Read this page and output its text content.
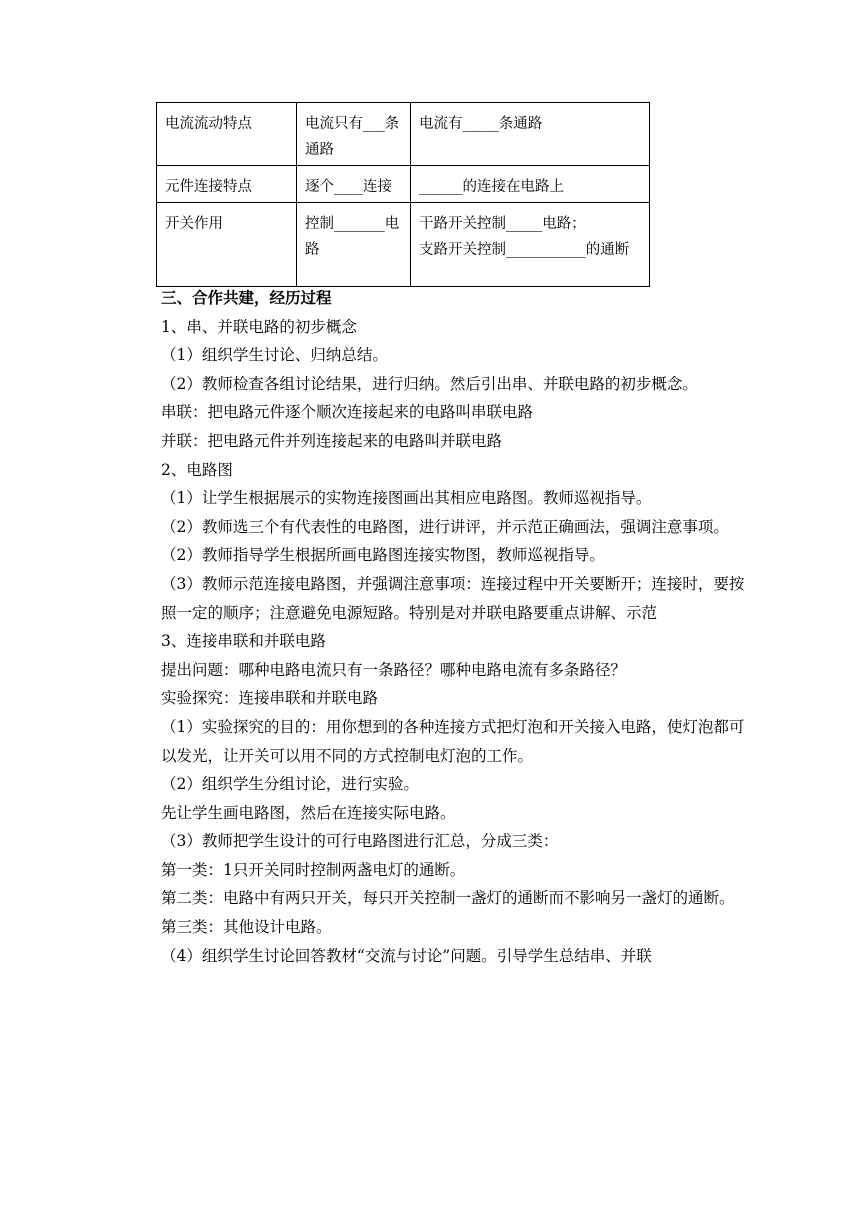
电流流动特点	电流只有___条通路	电流有_____条通路
元件连接特点	逐个____连接	______的连接在电路上
开关作用	控制_______电路	干路开关控制_____电路；
支路开关控制___________的通断

三、合作共建，经历过程

1、串、并联电路的初步概念

（1）组织学生讨论、归纳总结。

（2）教师检查各组讨论结果，进行归纳。然后引出串、并联电路的初步概念。

串联：把电路元件逐个顺次连接起来的电路叫串联电路

并联：把电路元件并列连接起来的电路叫并联电路

2、电路图

（1）让学生根据展示的实物连接图画出其相应电路图。教师巡视指导。

（2）教师选三个有代表性的电路图，进行讲评，并示范正确画法，强调注意事项。

（2）教师指导学生根据所画电路图连接实物图，教师巡视指导。

（3）教师示范连接电路图，并强调注意事项：连接过程中开关要断开；连接时，要按照一定的顺序；注意避免电源短路。特别是对并联电路要重点讲解、示范

3、连接串联和并联电路

提出问题：哪种电路电流只有一条路径？哪种电路电流有多条路径？

实验探究：连接串联和并联电路

（1）实验探究的目的：用你想到的各种连接方式把灯泡和开关接入电路，使灯泡都可以发光，让开关可以用不同的方式控制电灯泡的工作。

（2）组织学生分组讨论，进行实验。

先让学生画电路图，然后在连接实际电路。

（3）教师把学生设计的可行电路图进行汇总，分成三类：

第一类：1只开关同时控制两盏电灯的通断。

第二类：电路中有两只开关，每只开关控制一盏灯的通断而不影响另一盏灯的通断。

第三类：其他设计电路。

（4）组织学生讨论回答教材“交流与讨论”问题。引导学生总结串、并联
